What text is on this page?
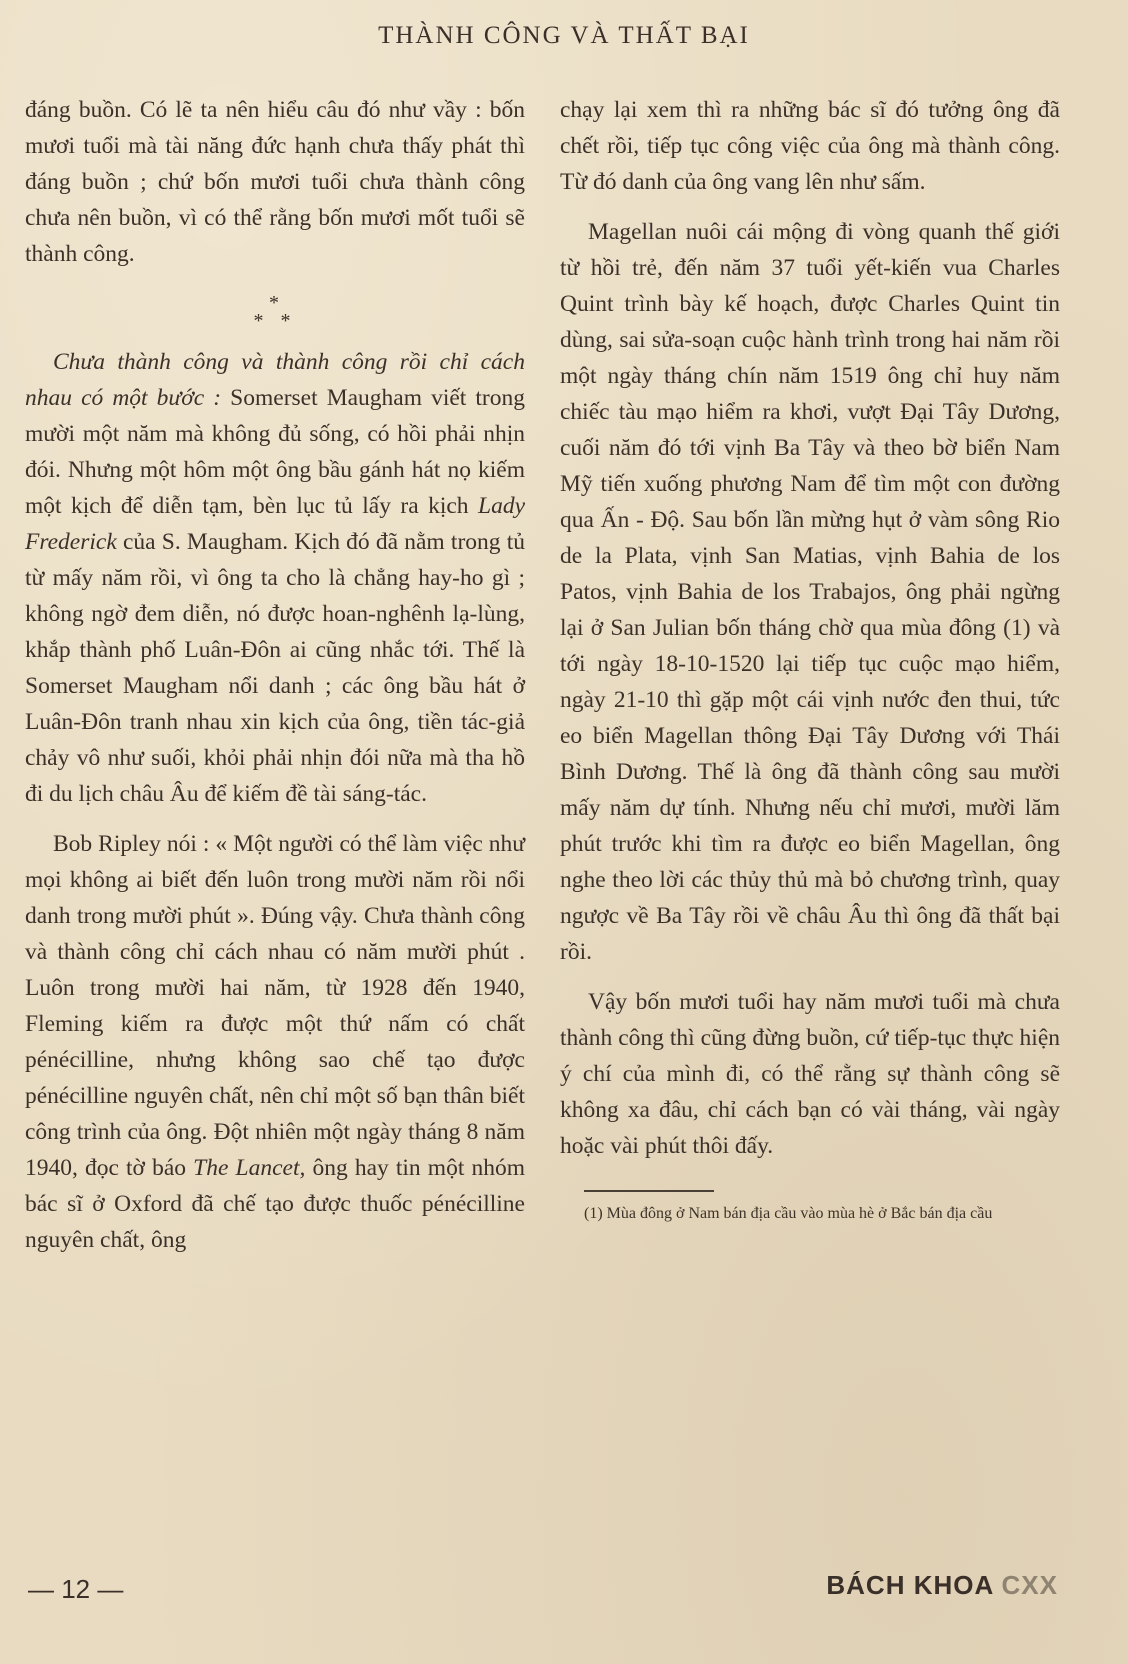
THÀNH CÔNG VÀ THẤT BẠI

đáng buồn. Có lẽ ta nên hiểu câu đó như vầy : bốn mươi tuổi mà tài năng đức hạnh chưa thấy phát thì đáng buồn ; chứ bốn mươi tuổi chưa thành công chưa nên buồn, vì có thể rằng bốn mươi mốt tuổi sẽ thành công.

*
* *

Chưa thành công và thành công rồi chỉ cách nhau có một bước : Somerset Maugham viết trong mười một năm mà không đủ sống, có hồi phải nhịn đói. Nhưng một hôm một ông bầu gánh hát nọ kiếm một kịch để diễn tạm, bèn lục tủ lấy ra kịch Lady Frederick của S. Maugham. Kịch đó đã nằm trong tủ từ mấy năm rồi, vì ông ta cho là chẳng hay-ho gì ; không ngờ đem diễn, nó được hoan-nghênh lạ-lùng, khắp thành phố Luân-Đôn ai cũng nhắc tới. Thế là Somerset Maugham nổi danh ; các ông bầu hát ở Luân-Đôn tranh nhau xin kịch của ông, tiền tác-giả chảy vô như suối, khỏi phải nhịn đói nữa mà tha hồ đi du lịch châu Âu để kiếm đề tài sáng-tác.

Bob Ripley nói : « Một người có thể làm việc như mọi không ai biết đến luôn trong mười năm rồi nổi danh trong mười phút ». Đúng vậy. Chưa thành công và thành công chỉ cách nhau có năm mười phút . Luôn trong mười hai năm, từ 1928 đến 1940, Fleming kiếm ra được một thứ nấm có chất pénécilline, nhưng không sao chế tạo được pénécilline nguyên chất, nên chỉ một số bạn thân biết công trình của ông. Đột nhiên một ngày tháng 8 năm 1940, đọc tờ báo The Lancet, ông hay tin một nhóm bác sĩ ở Oxford đã chế tạo được thuốc pénécilline nguyên chất, ông

chạy lại xem thì ra những bác sĩ đó tưởng ông đã chết rồi, tiếp tục công việc của ông mà thành công. Từ đó danh của ông vang lên như sấm.

Magellan nuôi cái mộng đi vòng quanh thế giới từ hồi trẻ, đến năm 37 tuổi yết-kiến vua Charles Quint trình bày kế hoạch, được Charles Quint tin dùng, sai sửa-soạn cuộc hành trình trong hai năm rồi một ngày tháng chín năm 1519 ông chỉ huy năm chiếc tàu mạo hiểm ra khơi, vượt Đại Tây Dương, cuối năm đó tới vịnh Ba Tây và theo bờ biển Nam Mỹ tiến xuống phương Nam để tìm một con đường qua Ấn - Độ. Sau bốn lần mừng hụt ở vàm sông Rio de la Plata, vịnh San Matias, vịnh Bahia de los Patos, vịnh Bahia de los Trabajos, ông phải ngừng lại ở San Julian bốn tháng chờ qua mùa đông (1) và tới ngày 18-10-1520 lại tiếp tục cuộc mạo hiểm, ngày 21-10 thì gặp một cái vịnh nước đen thui, tức eo biển Magellan thông Đại Tây Dương với Thái Bình Dương. Thế là ông đã thành công sau mười mấy năm dự tính. Nhưng nếu chỉ mươi, mười lăm phút trước khi tìm ra được eo biển Magellan, ông nghe theo lời các thủy thủ mà bỏ chương trình, quay ngược về Ba Tây rồi về châu Âu thì ông đã thất bại rồi.

Vậy bốn mươi tuổi hay năm mươi tuổi mà chưa thành công thì cũng đừng buồn, cứ tiếp-tục thực hiện ý chí của mình đi, có thể rằng sự thành công sẽ không xa đâu, chỉ cách bạn có vài tháng, vài ngày hoặc vài phút thôi đấy.

(1) Mùa đông ở Nam bán địa cầu vào mùa hè ở Bắc bán địa cầu
— 12 —	BÁCH KHOA CXX
